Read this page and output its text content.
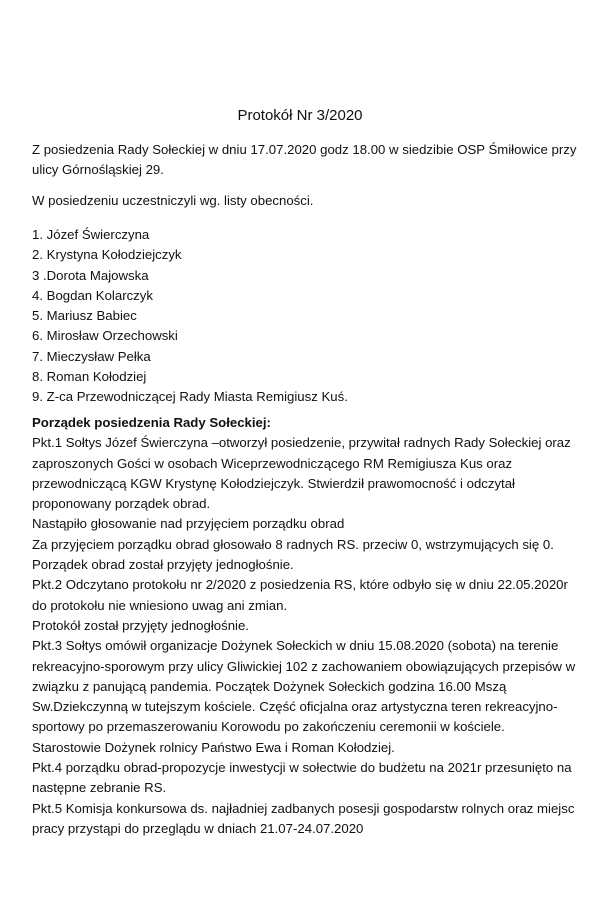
Protokół Nr 3/2020
Z posiedzenia Rady Sołeckiej w dniu 17.07.2020 godz 18.00 w siedzibie OSP Śmiłowice przy ulicy Górnośląskiej 29.
W posiedzeniu uczestniczyli wg. listy obecności.
1. Józef Świerczyna
2. Krystyna Kołodziejczyk
3 .Dorota Majowska
4. Bogdan Kolarczyk
5. Mariusz Babiec
6. Mirosław Orzechowski
7. Mieczysław Pełka
8. Roman Kołodziej
9. Z-ca Przewodniczącej Rady Miasta Remigiusz Kuś.
Porządek posiedzenia Rady Sołeckiej:

Pkt.1 Sołtys Józef Świerczyna –otworzył posiedzenie, przywitał radnych Rady Sołeckiej oraz zaproszonych Gości w osobach Wiceprzewodniczącego RM Remigiusza Kus oraz przewodniczącą KGW Krystynę Kołodziejczyk. Stwierdził prawomocność i odczytał proponowany porządek obrad.

Nastąpiło głosowanie nad przyjęciem porządku obrad

Za przyjęciem porządku obrad głosowało 8 radnych RS. przeciw 0, wstrzymujących się 0.

Porządek obrad został przyjęty jednogłośnie.

Pkt.2 Odczytano protokołu nr 2/2020 z posiedzenia RS, które odbyło się w dniu 22.05.2020r do protokołu nie wniesiono uwag ani zmian.

Protokół został przyjęty jednogłośnie.

Pkt.3 Sołtys omówił organizacje Dożynek Sołeckich w dniu 15.08.2020 (sobota) na terenie rekreacyjno-sporowym przy ulicy Gliwickiej 102 z zachowaniem obowiązujących przepisów w związku z panującą pandemia. Początek Dożynek Sołeckich godzina 16.00 Mszą Sw.Dziekczynną w tutejszym kościele. Część oficjalna oraz artystyczna teren rekreacyjno-sportowy po przemaszerowaniu Korowodu po zakończeniu ceremonii w kościele.

Starostowie Dożynek rolnicy Państwo Ewa i Roman Kołodziej.

Pkt.4 porządku obrad-propozycje inwestycji w sołectwie do budżetu na 2021r przesunięto na następne zebranie RS.

Pkt.5 Komisja konkursowa ds. najładniej zadbanych posesji gospodarstw rolnych oraz miejsc pracy przystąpi do przeglądu w dniach 21.07-24.07.2020
